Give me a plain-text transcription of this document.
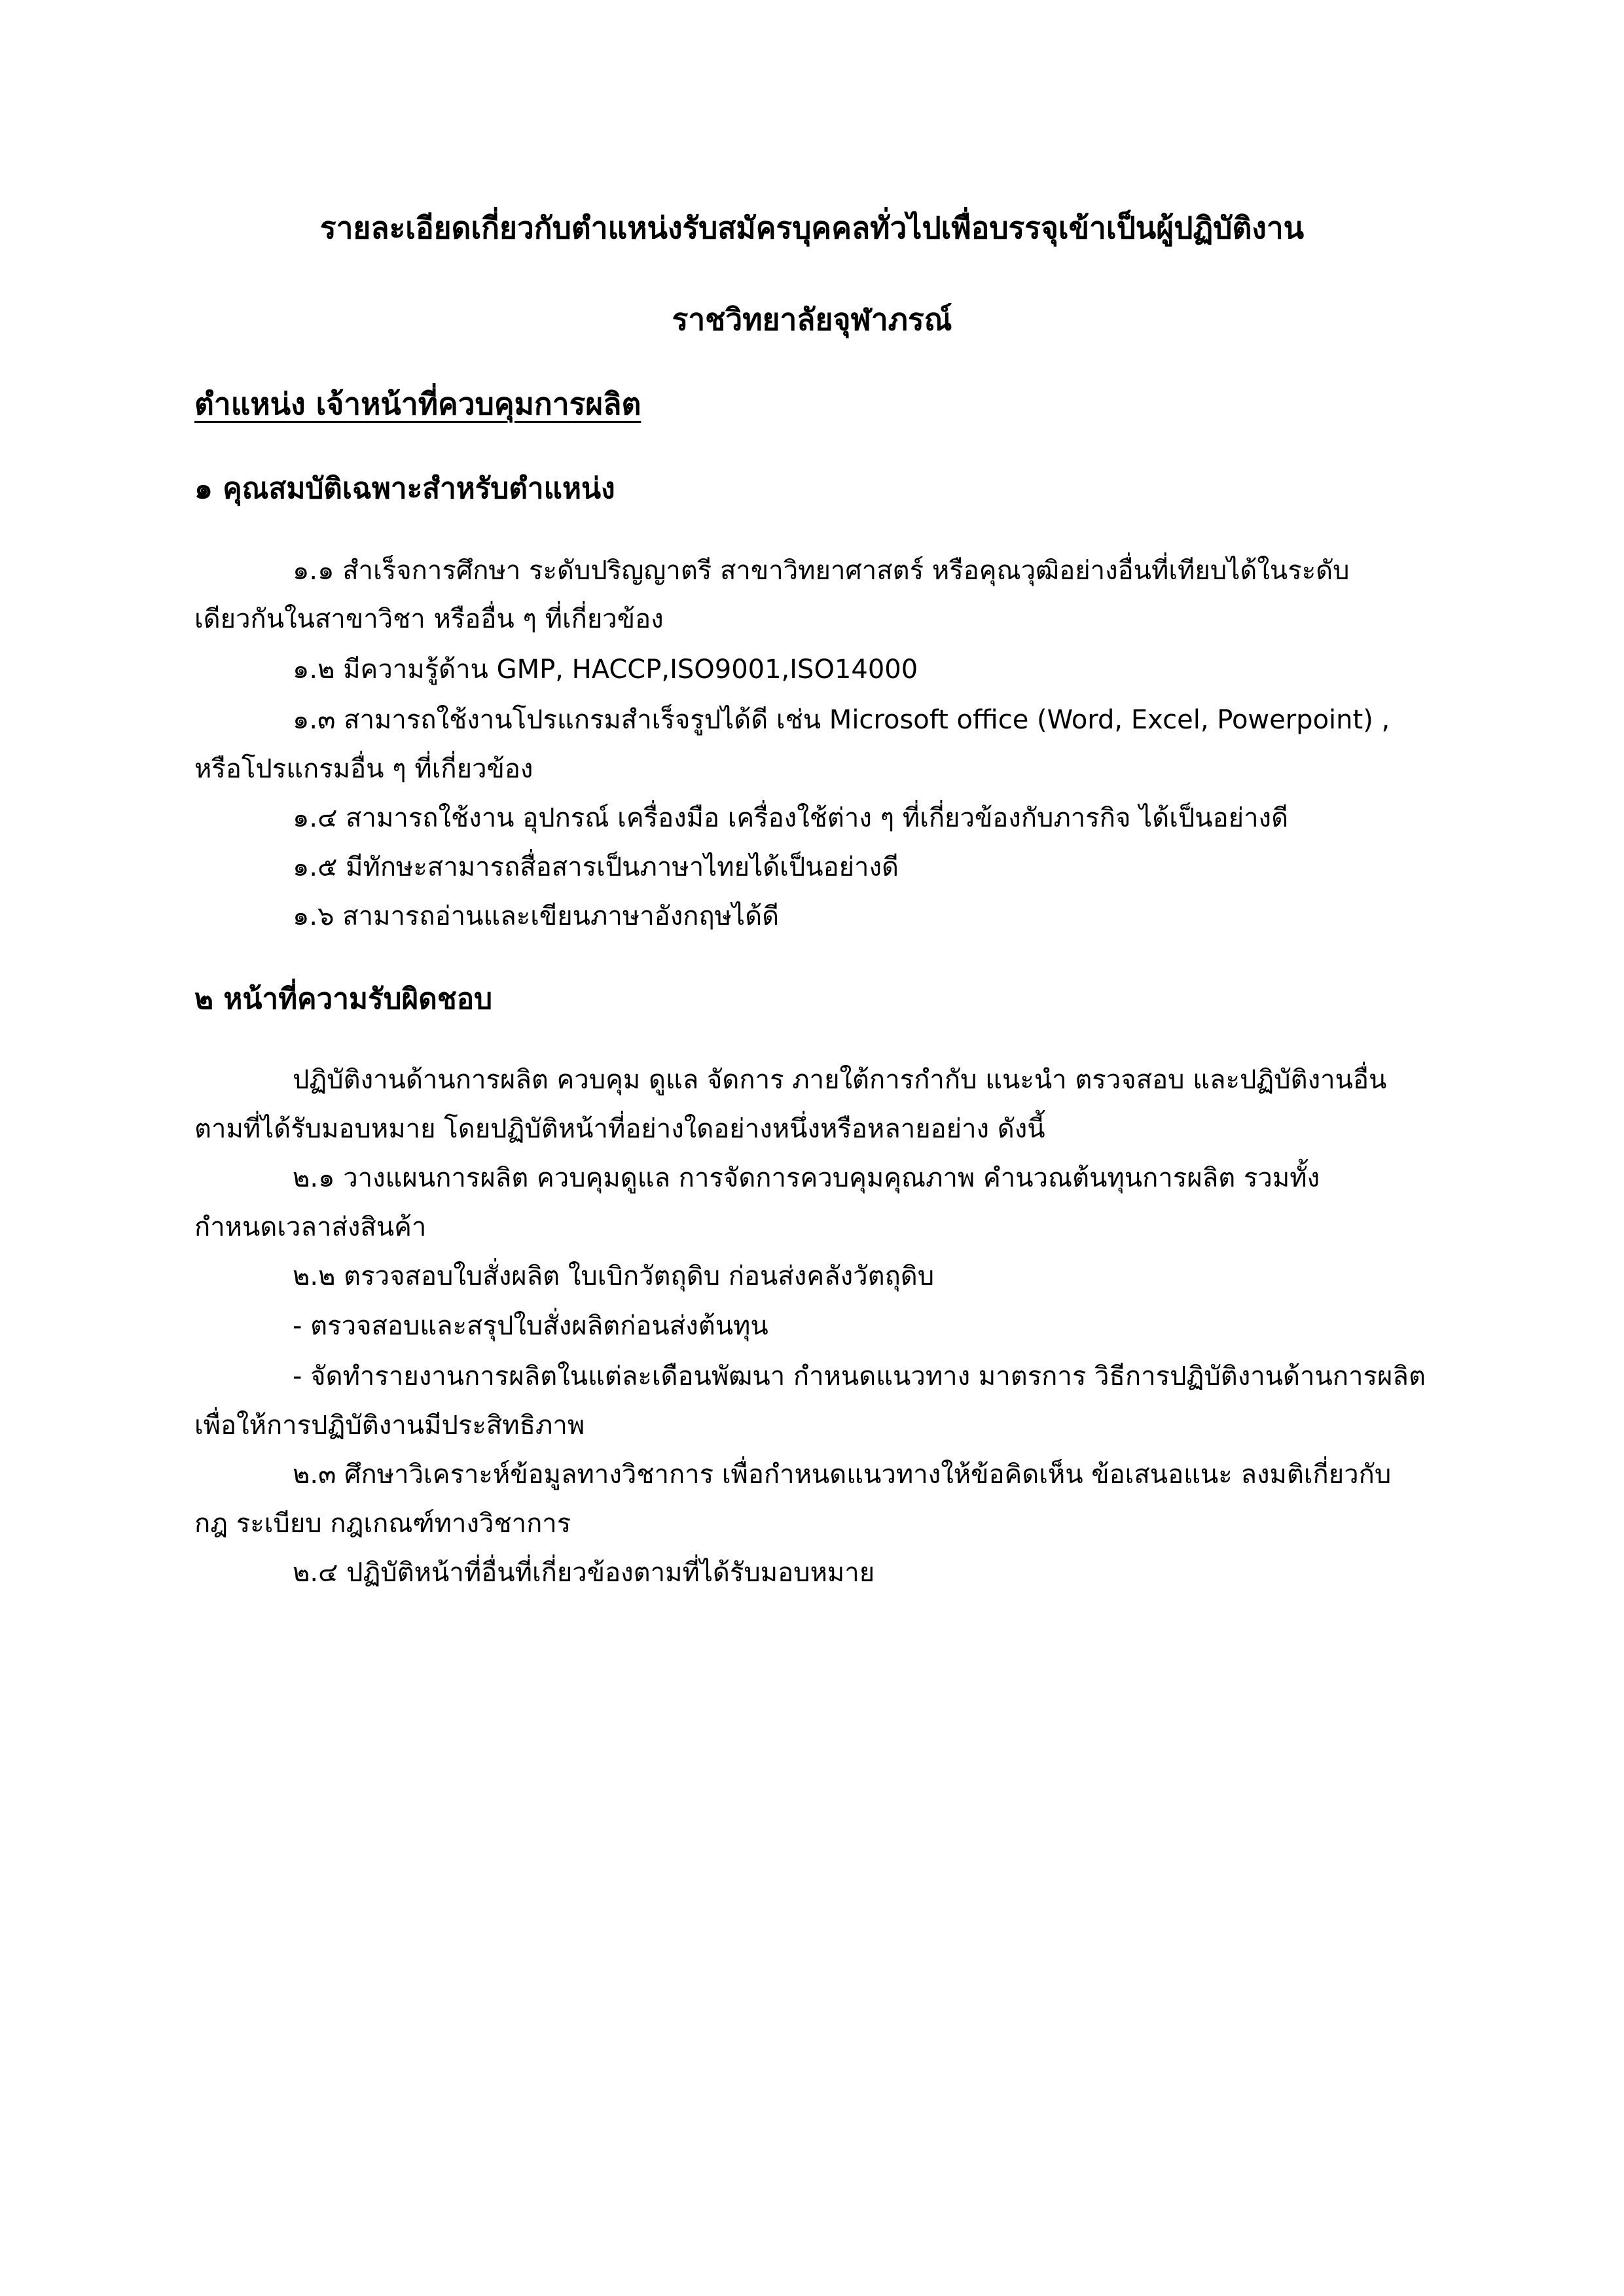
รายละเอียดเกี่ยวกับตำแหน่งรับสมัครบุคคลทั่วไปเพื่อบรรจุเข้าเป็นผู้ปฏิบัติงาน
ราชวิทยาลัยจุฬาภรณ์
ตำแหน่ง เจ้าหน้าที่ควบคุมการผลิต
๑ คุณสมบัติเฉพาะสำหรับตำแหน่ง
๑.๑ สำเร็จการศึกษา ระดับปริญญาตรี สาขาวิทยาศาสตร์ หรือคุณวุฒิอย่างอื่นที่เทียบได้ในระดับ
เดียวกันในสาขาวิชา หรืออื่น ๆ ที่เกี่ยวข้อง
๑.๒ มีความรู้ด้าน GMP, HACCP,ISO9001,ISO14000
๑.๓ สามารถใช้งานโปรแกรมสำเร็จรูปได้ดี เช่น Microsoft office (Word, Excel, Powerpoint) ,
หรือโปรแกรมอื่น ๆ ที่เกี่ยวข้อง
๑.๔ สามารถใช้งาน อุปกรณ์ เครื่องมือ เครื่องใช้ต่าง ๆ ที่เกี่ยวข้องกับภารกิจ ได้เป็นอย่างดี
๑.๕ มีทักษะสามารถสื่อสารเป็นภาษาไทยได้เป็นอย่างดี
๑.๖ สามารถอ่านและเขียนภาษาอังกฤษได้ดี
๒ หน้าที่ความรับผิดชอบ
ปฏิบัติงานด้านการผลิต ควบคุม ดูแล จัดการ ภายใต้การกำกับ แนะนำ ตรวจสอบ และปฏิบัติงานอื่น
ตามที่ได้รับมอบหมาย โดยปฏิบัติหน้าที่อย่างใดอย่างหนึ่งหรือหลายอย่าง ดังนี้
๒.๑ วางแผนการผลิต ควบคุมดูแล การจัดการควบคุมคุณภาพ คำนวณต้นทุนการผลิต รวมทั้ง
กำหนดเวลาส่งสินค้า
๒.๒ ตรวจสอบใบสั่งผลิต ใบเบิกวัตถุดิบ ก่อนส่งคลังวัตถุดิบ
- ตรวจสอบและสรุปใบสั่งผลิตก่อนส่งต้นทุน
- จัดทำรายงานการผลิตในแต่ละเดือนพัฒนา กำหนดแนวทาง มาตรการ วิธีการปฏิบัติงานด้านการผลิต
เพื่อให้การปฏิบัติงานมีประสิทธิภาพ
๒.๓ ศึกษาวิเคราะห์ข้อมูลทางวิชาการ เพื่อกำหนดแนวทางให้ข้อคิดเห็น ข้อเสนอแนะ ลงมติเกี่ยวกับ
กฎ ระเบียบ กฎเกณฑ์ทางวิชาการ
๒.๔ ปฏิบัติหน้าที่อื่นที่เกี่ยวข้องตามที่ได้รับมอบหมาย
